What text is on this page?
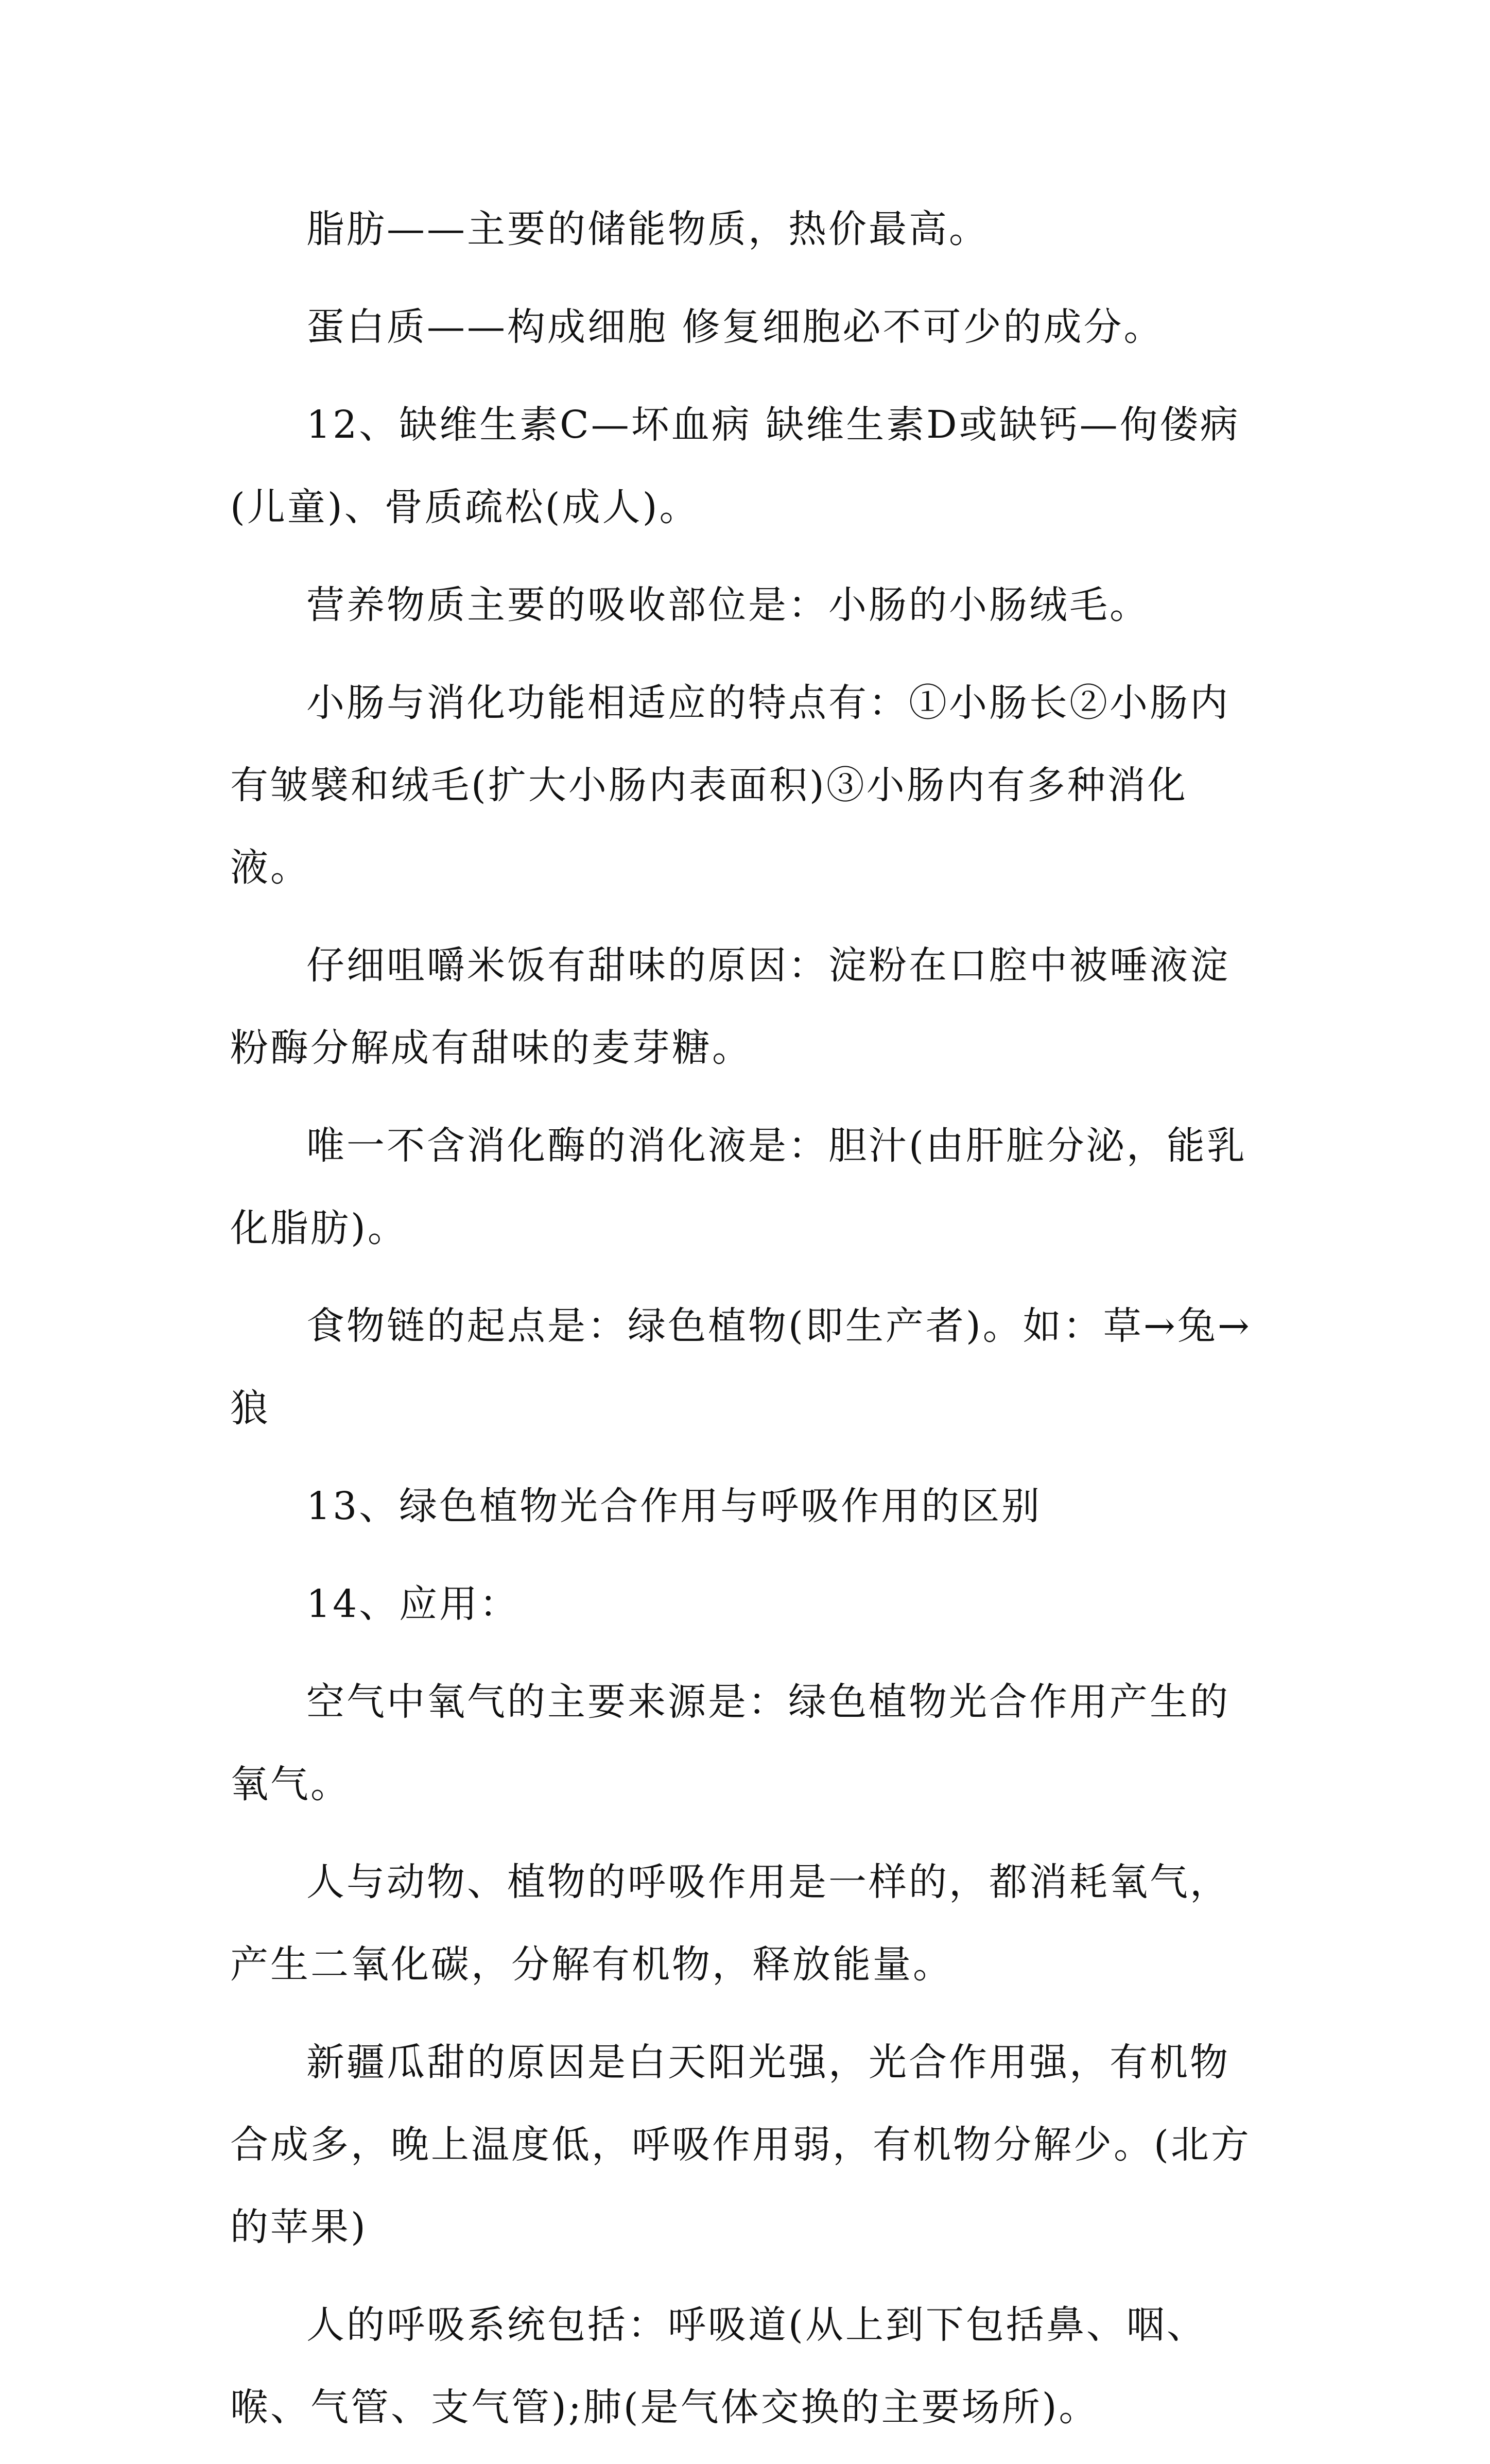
脂肪——主要的储能物质，热价最高。

蛋白质——构成细胞 修复细胞必不可少的成分。

12、缺维生素C—坏血病 缺维生素D或缺钙—佝偻病(儿童)、骨质疏松(成人)。

营养物质主要的吸收部位是：小肠的小肠绒毛。

小肠与消化功能相适应的特点有：①小肠长②小肠内有皱襞和绒毛(扩大小肠内表面积)③小肠内有多种消化液。

仔细咀嚼米饭有甜味的原因：淀粉在口腔中被唾液淀粉酶分解成有甜味的麦芽糖。

唯一不含消化酶的消化液是：胆汁(由肝脏分泌，能乳化脂肪)。

食物链的起点是：绿色植物(即生产者)。如：草→兔→狼

13、绿色植物光合作用与呼吸作用的区别

14、应用：

空气中氧气的主要来源是：绿色植物光合作用产生的氧气。

人与动物、植物的呼吸作用是一样的，都消耗氧气，产生二氧化碳，分解有机物，释放能量。

新疆瓜甜的原因是白天阳光强，光合作用强，有机物合成多，晚上温度低，呼吸作用弱，有机物分解少。(北方的苹果)

人的呼吸系统包括：呼吸道(从上到下包括鼻、咽、喉、气管、支气管);肺(是气体交换的主要场所)。
